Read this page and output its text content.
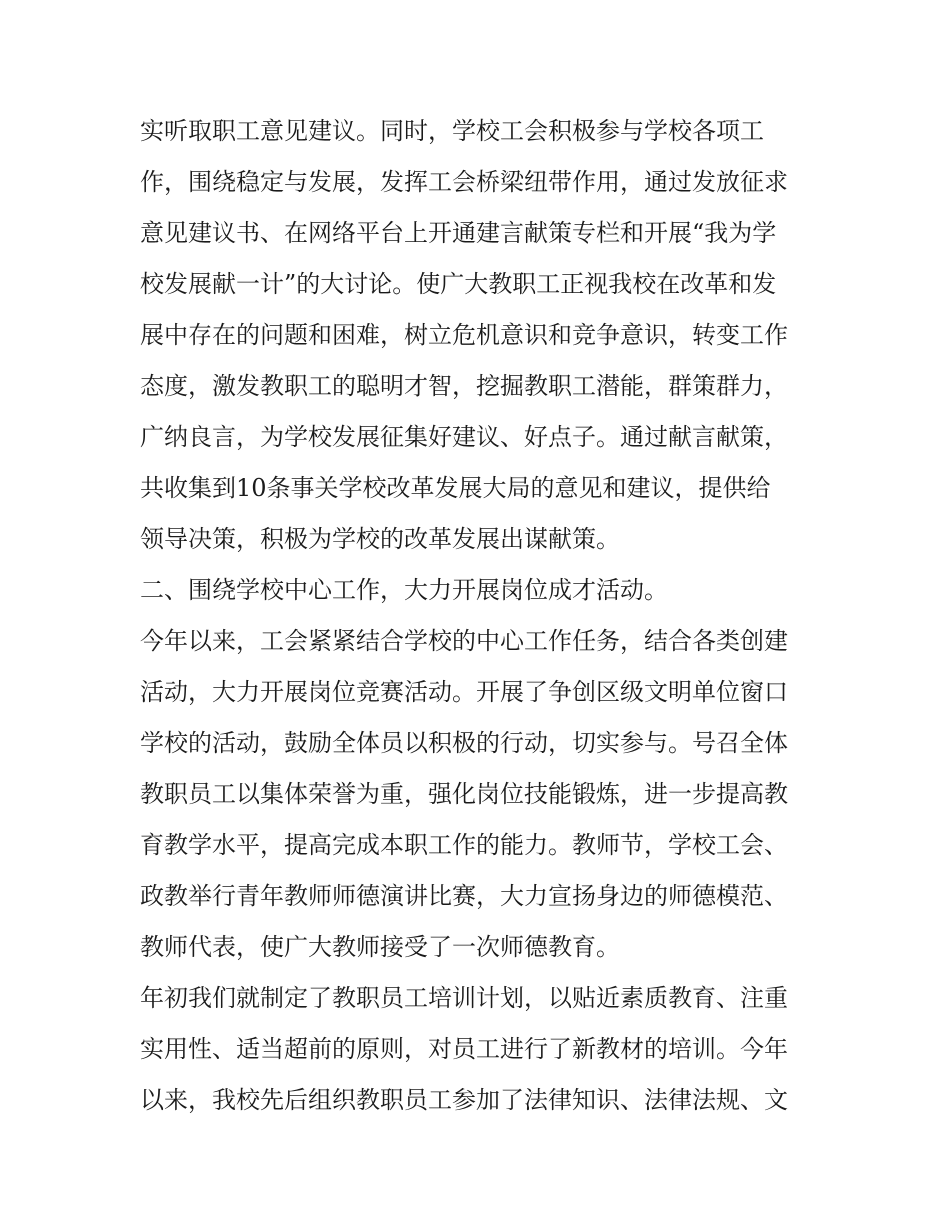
实听取职工意见建议。同时，学校工会积极参与学校各项工
作，围绕稳定与发展，发挥工会桥梁纽带作用，通过发放征求
意见建议书、在网络平台上开通建言献策专栏和开展“我为学
校发展献一计”的大讨论。使广大教职工正视我校在改革和发
展中存在的问题和困难，树立危机意识和竞争意识，转变工作
态度，激发教职工的聪明才智，挖掘教职工潜能，群策群力，
广纳良言，为学校发展征集好建议、好点子。通过献言献策，
共收集到10条事关学校改革发展大局的意见和建议，提供给
领导决策，积极为学校的改革发展出谋献策。
二、围绕学校中心工作，大力开展岗位成才活动。
今年以来，工会紧紧结合学校的中心工作任务，结合各类创建
活动，大力开展岗位竞赛活动。开展了争创区级文明单位窗口
学校的活动，鼓励全体员以积极的行动，切实参与。号召全体
教职员工以集体荣誉为重，强化岗位技能锻炼，进一步提高教
育教学水平，提高完成本职工作的能力。教师节，学校工会、
政教举行青年教师师德演讲比赛，大力宣扬身边的师德模范、
教师代表，使广大教师接受了一次师德教育。
年初我们就制定了教职员工培训计划，以贴近素质教育、注重
实用性、适当超前的原则，对员工进行了新教材的培训。今年
以来，我校先后组织教职员工参加了法律知识、法律法规、文
